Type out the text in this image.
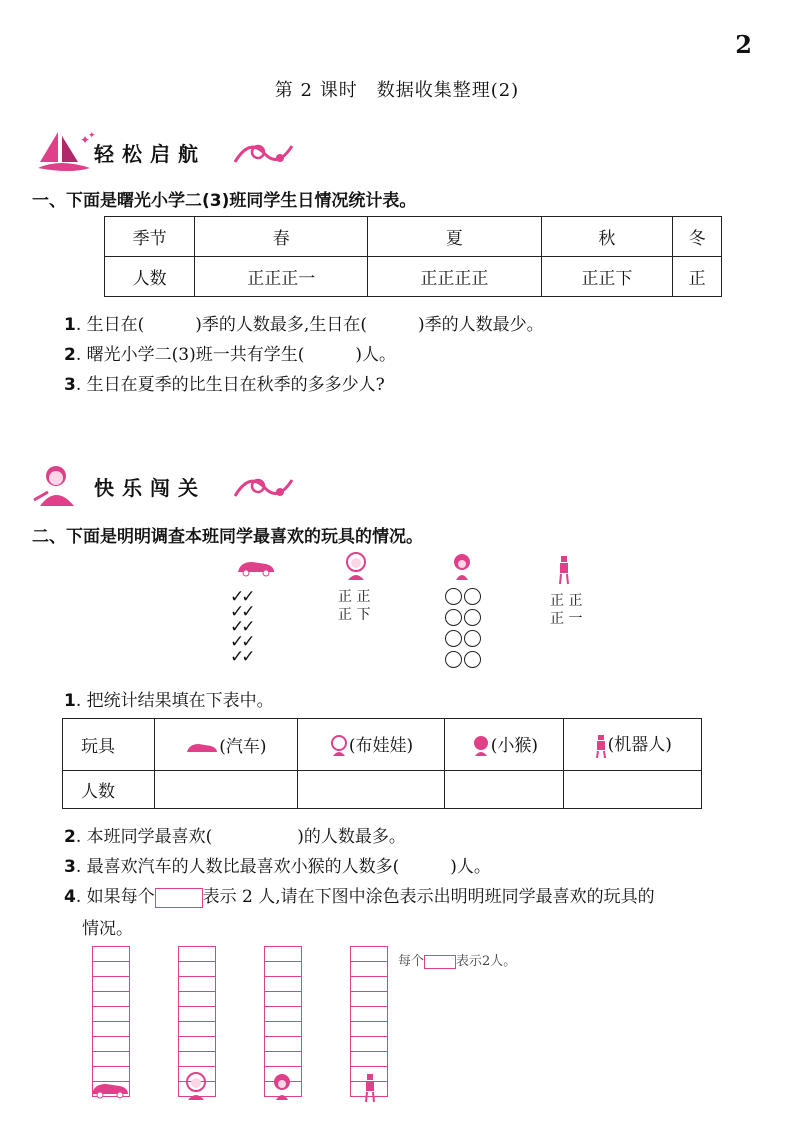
2
第 2 课时　数据收集整理(2)
✦
✦
轻松启航
一、下面是曙光小学二(3)班同学生日情况统计表。
季节	春	夏	秋	冬
人数	正正正一	正正正正	正正下	正
1. 生日在(　　　)季的人数最多,生日在(　　　)季的人数最少。
2. 曙光小学二(3)班一共有学生(　　　)人。
3. 生日在夏季的比生日在秋季的多多少人?
快乐闯关
二、下面是明明调查本班同学最喜欢的玩具的情况。
✓✓
✓✓
✓✓
✓✓
✓✓
正 正
正 下

正 正
正 一
1. 把统计结果填在下表中。
玩具	(汽车)	(布娃娃)	(小猴)	(机器人)
人数				
2. 本班同学最喜欢(　　　　　)的人数最多。
3. 最喜欢汽车的人数比最喜欢小猴的人数多(　　　)人。
4. 如果每个	表示 2 人,请在下图中涂色表示出明明班同学最喜欢的玩具的
情况。
每个 表示2人。
